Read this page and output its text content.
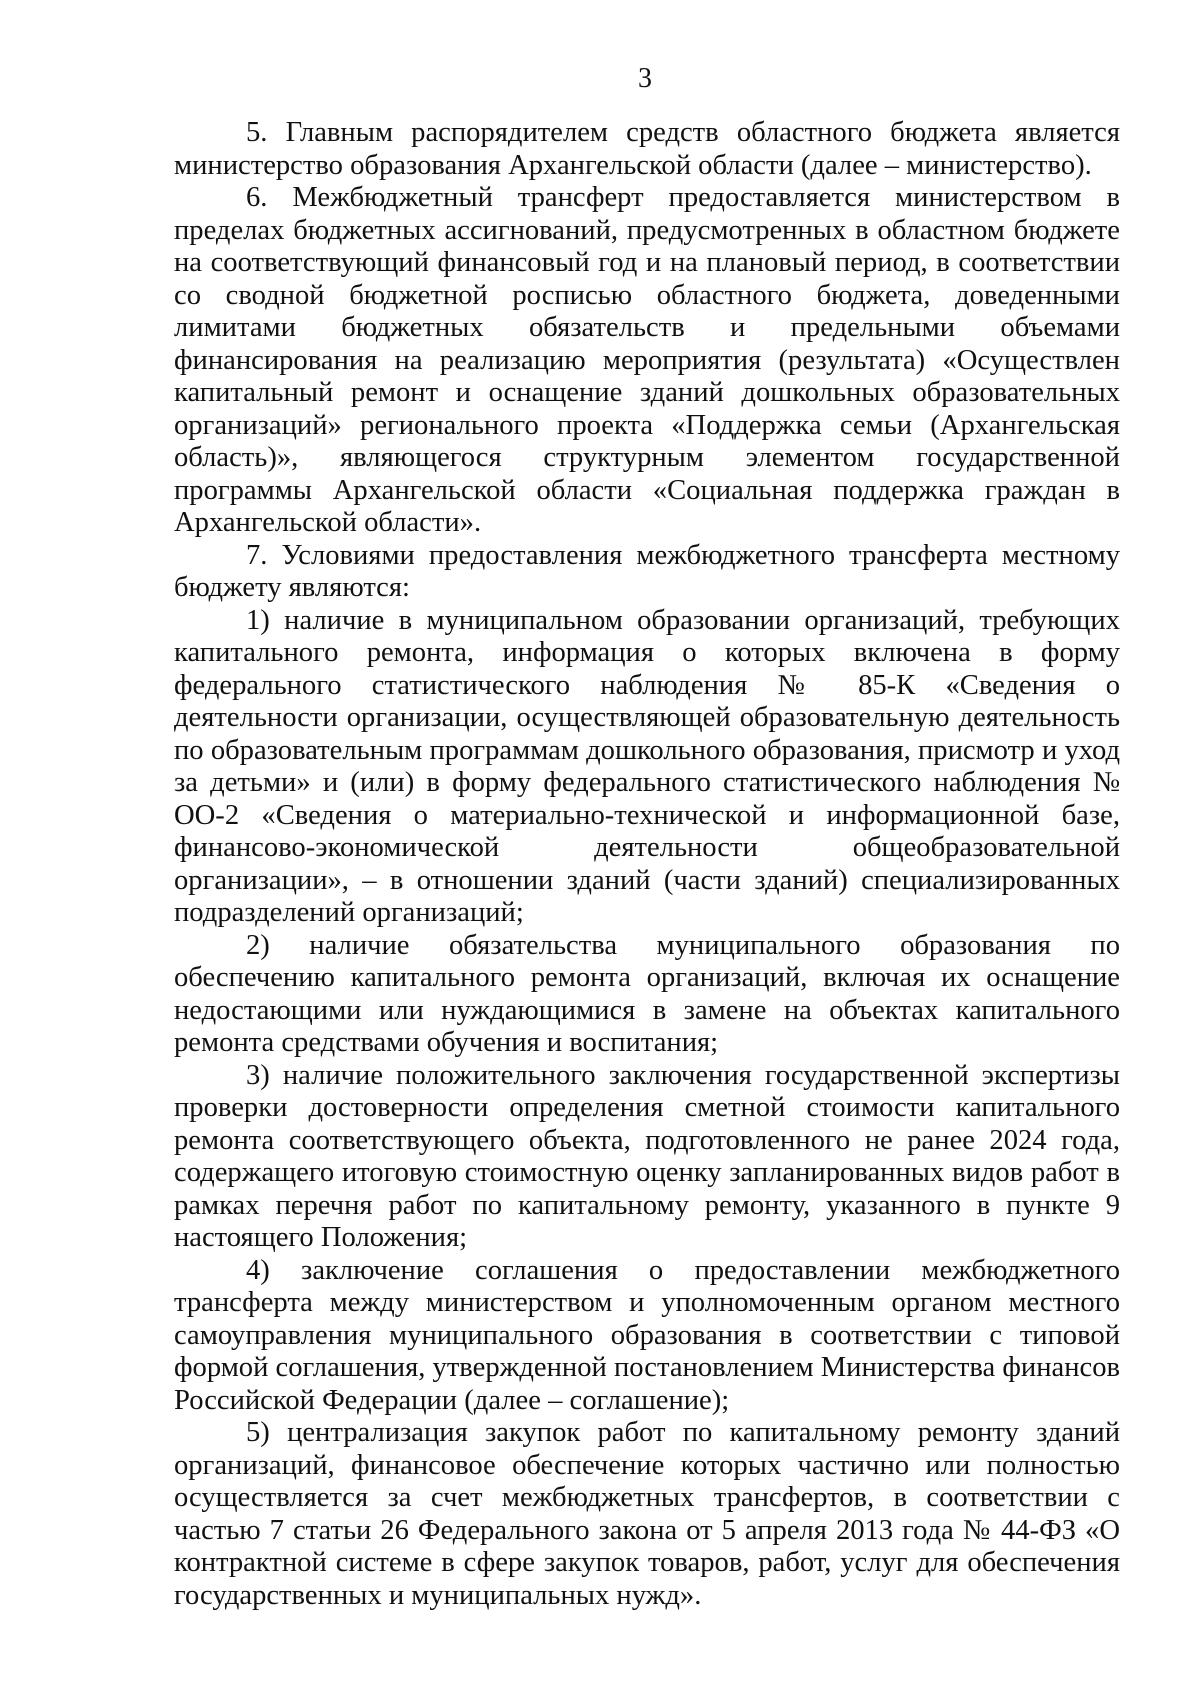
3

5. Главным распорядителем средств областного бюджета является министерство образования Архангельской области (далее – министерство).

6. Межбюджетный трансферт предоставляется министерством в пределах бюджетных ассигнований, предусмотренных в областном бюджете на соответствующий финансовый год и на плановый период, в соответствии со сводной бюджетной росписью областного бюджета, доведенными лимитами бюджетных обязательств и предельными объемами финансирования на реализацию мероприятия (результата) «Осуществлен капитальный ремонт и оснащение зданий дошкольных образовательных организаций» регионального проекта «Поддержка семьи (Архангельская область)», являющегося структурным элементом государственной программы Архангельской области «Социальная поддержка граждан в Архангельской области».

7. Условиями предоставления межбюджетного трансферта местному бюджету являются:

1) наличие в муниципальном образовании организаций, требующих капитального ремонта, информация о которых включена в форму федерального статистического наблюдения № 85-К «Сведения о деятельности организации, осуществляющей образовательную деятельность по образовательным программам дошкольного образования, присмотр и уход за детьми» и (или) в форму федерального статистического наблюдения № ОО-2 «Сведения о материально-технической и информационной базе, финансово-экономической деятельности общеобразовательной организации», – в отношении зданий (части зданий) специализированных подразделений организаций;

2) наличие обязательства муниципального образования по обеспечению капитального ремонта организаций, включая их оснащение недостающими или нуждающимися в замене на объектах капитального ремонта средствами обучения и воспитания;

3) наличие положительного заключения государственной экспертизы проверки достоверности определения сметной стоимости капитального ремонта соответствующего объекта, подготовленного не ранее 2024 года, содержащего итоговую стоимостную оценку запланированных видов работ в рамках перечня работ по капитальному ремонту, указанного в пункте 9 настоящего Положения;

4) заключение соглашения о предоставлении межбюджетного трансферта между министерством и уполномоченным органом местного самоуправления муниципального образования в соответствии с типовой формой соглашения, утвержденной постановлением Министерства финансов Российской Федерации (далее – соглашение);

5) централизация закупок работ по капитальному ремонту зданий организаций, финансовое обеспечение которых частично или полностью осуществляется за счет межбюджетных трансфертов, в соответствии с частью 7 статьи 26 Федерального закона от 5 апреля 2013 года № 44-ФЗ «О контрактной системе в сфере закупок товаров, работ, услуг для обеспечения государственных и муниципальных нужд».
